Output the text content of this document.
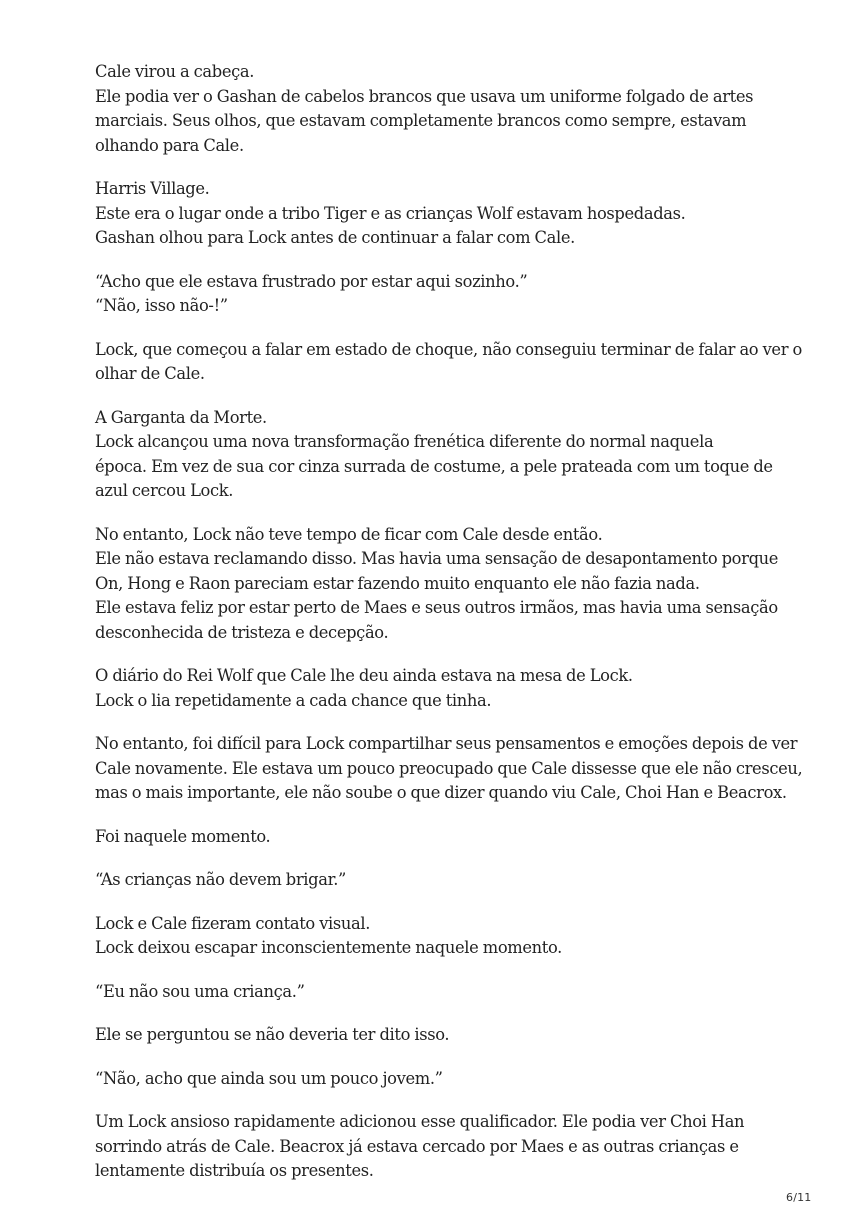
Cale virou a cabeça.
Ele podia ver o Gashan de cabelos brancos que usava um uniforme folgado de artes
marciais. Seus olhos, que estavam completamente brancos como sempre, estavam
olhando para Cale.

Harris Village.
Este era o lugar onde a tribo Tiger e as crianças Wolf estavam hospedadas.
Gashan olhou para Lock antes de continuar a falar com Cale.

“Acho que ele estava frustrado por estar aqui sozinho.”
“Não, isso não-!”

Lock, que começou a falar em estado de choque, não conseguiu terminar de falar ao ver o
olhar de Cale.

A Garganta da Morte.
Lock alcançou uma nova transformação frenética diferente do normal naquela
época. Em vez de sua cor cinza surrada de costume, a pele prateada com um toque de
azul cercou Lock.

No entanto, Lock não teve tempo de ficar com Cale desde então.
Ele não estava reclamando disso. Mas havia uma sensação de desapontamento porque
On, Hong e Raon pareciam estar fazendo muito enquanto ele não fazia nada.
Ele estava feliz por estar perto de Maes e seus outros irmãos, mas havia uma sensação
desconhecida de tristeza e decepção.

O diário do Rei Wolf que Cale lhe deu ainda estava na mesa de Lock.
Lock o lia repetidamente a cada chance que tinha.

No entanto, foi difícil para Lock compartilhar seus pensamentos e emoções depois de ver
Cale novamente. Ele estava um pouco preocupado que Cale dissesse que ele não cresceu,
mas o mais importante, ele não soube o que dizer quando viu Cale, Choi Han e Beacrox.

Foi naquele momento.

“As crianças não devem brigar.”

Lock e Cale fizeram contato visual.
Lock deixou escapar inconscientemente naquele momento.

“Eu não sou uma criança.”

Ele se perguntou se não deveria ter dito isso.

“Não, acho que ainda sou um pouco jovem.”

Um Lock ansioso rapidamente adicionou esse qualificador. Ele podia ver Choi Han
sorrindo atrás de Cale. Beacrox já estava cercado por Maes e as outras crianças e
lentamente distribuía os presentes.

6/11
